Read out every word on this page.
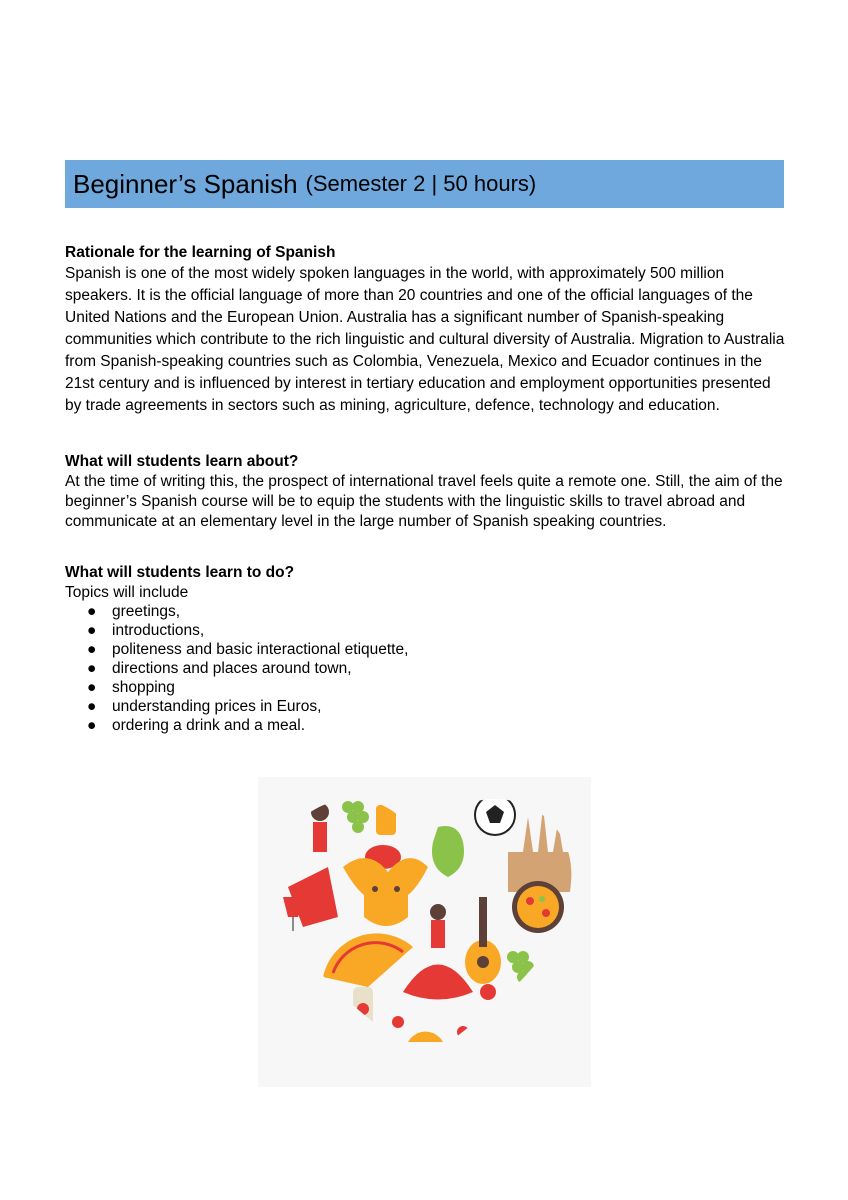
Beginner’s Spanish (Semester 2 | 50 hours)
Rationale for the learning of Spanish

Spanish is one of the most widely spoken languages in the world, with approximately 500 million speakers. It is the official language of more than 20 countries and one of the official languages of the United Nations and the European Union. Australia has a significant number of Spanish-speaking communities which contribute to the rich linguistic and cultural diversity of Australia. Migration to Australia from Spanish-speaking countries such as Colombia, Venezuela, Mexico and Ecuador continues in the 21st century and is influenced by interest in tertiary education and employment opportunities presented by trade agreements in sectors such as mining, agriculture, defence, technology and education.

What will students learn about?

At the time of writing this, the prospect of international travel feels quite a remote one. Still, the aim of the beginner’s Spanish course will be to equip the students with the linguistic skills to travel abroad and communicate at an elementary level in the large number of Spanish speaking countries.

What will students learn to do?

Topics will include

● greetings,
● introductions,
● politeness and basic interactional etiquette,
● directions and places around town,
● shopping
● understanding prices in Euros,
● ordering a drink and a meal.
